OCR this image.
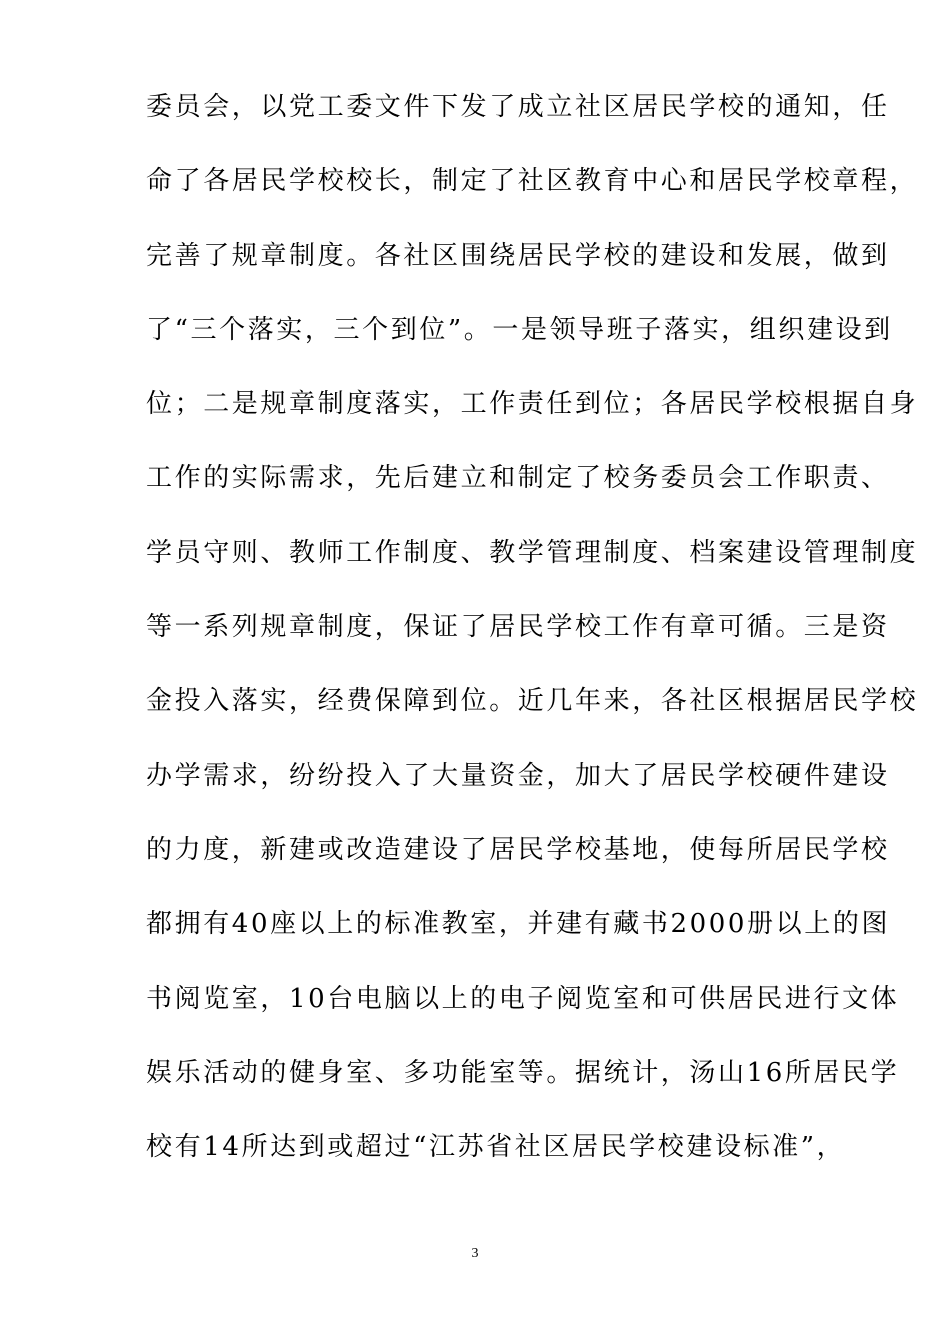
委员会，以党工委文件下发了成立社区居民学校的通知，任
命了各居民学校校长，制定了社区教育中心和居民学校章程，
完善了规章制度。各社区围绕居民学校的建设和发展，做到
了“三个落实，三个到位”。一是领导班子落实，组织建设到
位；二是规章制度落实，工作责任到位；各居民学校根据自身
工作的实际需求，先后建立和制定了校务委员会工作职责、
学员守则、教师工作制度、教学管理制度、档案建设管理制度
等一系列规章制度，保证了居民学校工作有章可循。三是资
金投入落实，经费保障到位。近几年来，各社区根据居民学校
办学需求，纷纷投入了大量资金，加大了居民学校硬件建设
的力度，新建或改造建设了居民学校基地，使每所居民学校
都拥有40座以上的标准教室，并建有藏书2000册以上的图
书阅览室，10台电脑以上的电子阅览室和可供居民进行文体
娱乐活动的健身室、多功能室等。据统计，汤山16所居民学
校有14所达到或超过“江苏省社区居民学校建设标准”，
3
